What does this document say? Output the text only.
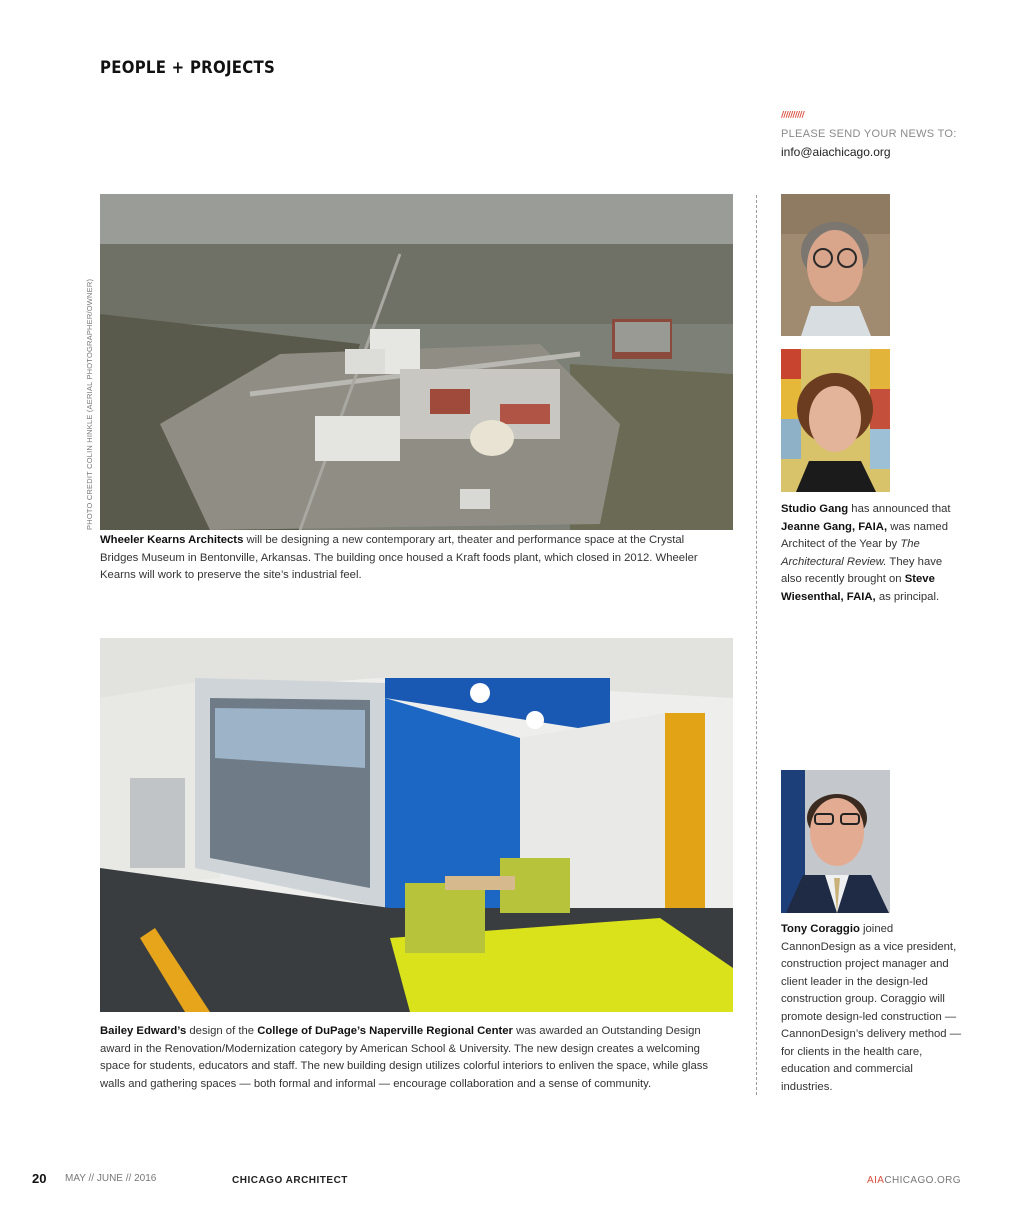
PEOPLE + PROJECTS
//////////
PLEASE SEND YOUR NEWS TO:
info@aiachicago.org
PHOTO CREDIT COLIN HINKLE (AERIAL PHOTOGRAPHER/OWNER)
Wheeler Kearns Architects will be designing a new contemporary art, theater and performance space at the Crystal Bridges Museum in Bentonville, Arkansas. The building once housed a Kraft foods plant, which closed in 2012. Wheeler Kearns will work to preserve the site’s industrial feel.
Bailey Edward’s design of the College of DuPage’s Naperville Regional Center was awarded an Outstanding Design award in the Renovation/Modernization category by American School & University. The new design creates a welcoming space for students, educators and staff. The new building design utilizes colorful interiors to enliven the space, while glass walls and gathering spaces — both formal and informal — encourage collaboration and a sense of community.
Studio Gang has announced that Jeanne Gang, FAIA, was named Architect of the Year by The Architectural Review. They have also recently brought on Steve Wiesenthal, FAIA, as principal.
Tony Coraggio joined CannonDesign as a vice president, construction project manager and client leader in the design-led construction group. Coraggio will promote design-led construction — CannonDesign’s delivery method — for clients in the health care, education and commercial industries.
20 MAY // JUNE // 2016	CHICAGO ARCHITECT	AIACHICAGO.ORG
